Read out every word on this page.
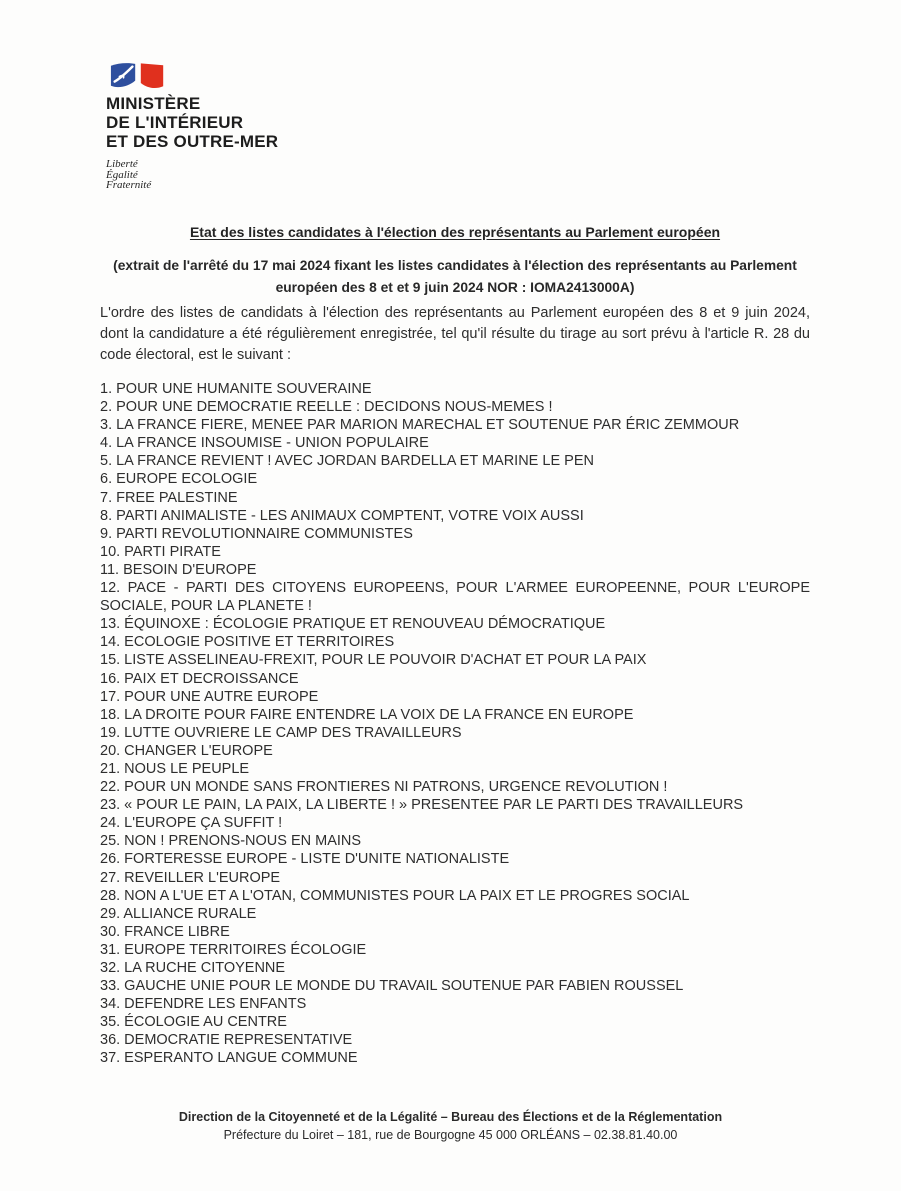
MINISTÈRE
DE L'INTÉRIEUR
ET DES OUTRE-MER
Liberté
Égalité
Fraternité
Etat des listes candidates à l'élection des représentants au Parlement européen

(extrait de l'arrêté du 17 mai 2024 fixant les listes candidates à l'élection des représentants au Parlement européen des 8 et et 9 juin 2024 NOR : IOMA2413000A)

L'ordre des listes de candidats à l'élection des représentants au Parlement européen des 8 et 9 juin 2024, dont la candidature a été régulièrement enregistrée, tel qu'il résulte du tirage au sort prévu à l'article R. 28 du code électoral, est le suivant :

1. POUR UNE HUMANITE SOUVERAINE
2. POUR UNE DEMOCRATIE REELLE : DECIDONS NOUS-MEMES !
3. LA FRANCE FIERE, MENEE PAR MARION MARECHAL ET SOUTENUE PAR ÉRIC ZEMMOUR
4. LA FRANCE INSOUMISE - UNION POPULAIRE
5. LA FRANCE REVIENT ! AVEC JORDAN BARDELLA ET MARINE LE PEN
6. EUROPE ECOLOGIE
7. FREE PALESTINE
8. PARTI ANIMALISTE - LES ANIMAUX COMPTENT, VOTRE VOIX AUSSI
9. PARTI REVOLUTIONNAIRE COMMUNISTES
10. PARTI PIRATE
11. BESOIN D'EUROPE
12. PACE - PARTI DES CITOYENS EUROPEENS, POUR L'ARMEE EUROPEENNE, POUR L'EUROPE SOCIALE, POUR LA PLANETE !
13. ÉQUINOXE : ÉCOLOGIE PRATIQUE ET RENOUVEAU DÉMOCRATIQUE
14. ECOLOGIE POSITIVE ET TERRITOIRES
15. LISTE ASSELINEAU-FREXIT, POUR LE POUVOIR D'ACHAT ET POUR LA PAIX
16. PAIX ET DECROISSANCE
17. POUR UNE AUTRE EUROPE
18. LA DROITE POUR FAIRE ENTENDRE LA VOIX DE LA FRANCE EN EUROPE
19. LUTTE OUVRIERE LE CAMP DES TRAVAILLEURS
20. CHANGER L'EUROPE
21. NOUS LE PEUPLE
22. POUR UN MONDE SANS FRONTIERES NI PATRONS, URGENCE REVOLUTION !
23. « POUR LE PAIN, LA PAIX, LA LIBERTE ! » PRESENTEE PAR LE PARTI DES TRAVAILLEURS
24. L'EUROPE ÇA SUFFIT !
25. NON ! PRENONS-NOUS EN MAINS
26. FORTERESSE EUROPE - LISTE D'UNITE NATIONALISTE
27. REVEILLER L'EUROPE
28. NON A L'UE ET A L'OTAN, COMMUNISTES POUR LA PAIX ET LE PROGRES SOCIAL
29. ALLIANCE RURALE
30. FRANCE LIBRE
31. EUROPE TERRITOIRES ÉCOLOGIE
32. LA RUCHE CITOYENNE
33. GAUCHE UNIE POUR LE MONDE DU TRAVAIL SOUTENUE PAR FABIEN ROUSSEL
34. DEFENDRE LES ENFANTS
35. ÉCOLOGIE AU CENTRE
36. DEMOCRATIE REPRESENTATIVE
37. ESPERANTO LANGUE COMMUNE
Direction de la Citoyenneté et de la Légalité – Bureau des Élections et de la Réglementation
Préfecture du Loiret – 181, rue de Bourgogne 45 000 ORLÉANS – 02.38.81.40.00
